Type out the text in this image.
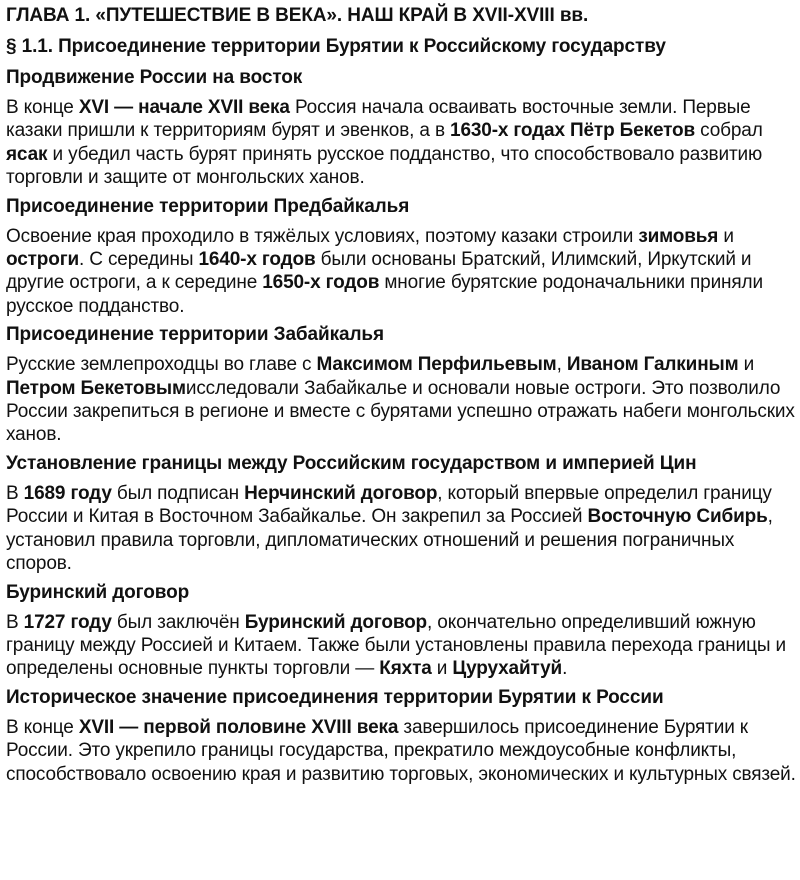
ГЛАВА 1. «ПУТЕШЕСТВИЕ В ВЕКА». НАШ КРАЙ В XVII-XVIII вв.
§ 1.1. Присоединение территории Бурятии к Российскому государству
Продвижение России на восток

В конце XVI — начале XVII века Россия начала осваивать восточные земли. Первые казаки пришли к территориям бурят и эвенков, а в 1630-х годах Пётр Бекетов собрал ясак и убедил часть бурят принять русское подданство, что способствовало развитию торговли и защите от монгольских ханов.

Присоединение территории Предбайкалья

Освоение края проходило в тяжёлых условиях, поэтому казаки строили зимовья и остроги. С середины 1640-х годов были основаны Братский, Илимский, Иркутский и другие остроги, а к середине 1650-х годов многие бурятские родоначальники приняли русское подданство.

Присоединение территории Забайкалья

Русские землепроходцы во главе с Максимом Перфильевым, Иваном Галкиным и Петром Бекетовымисследовали Забайкалье и основали новые остроги. Это позволило России закрепиться в регионе и вместе с бурятами успешно отражать набеги монгольских ханов.

Установление границы между Российским государством и империей Цин

В 1689 году был подписан Нерчинский договор, который впервые определил границу России и Китая в Восточном Забайкалье. Он закрепил за Россией Восточную Сибирь, установил правила торговли, дипломатических отношений и решения пограничных споров.

Буринский договор

В 1727 году был заключён Буринский договор, окончательно определивший южную границу между Россией и Китаем. Также были установлены правила перехода границы и определены основные пункты торговли — Кяхта и Цурухайтуй.

Историческое значение присоединения территории Бурятии к России

В конце XVII — первой половине XVIII века завершилось присоединение Бурятии к России. Это укрепило границы государства, прекратило междоусобные конфликты, способствовало освоению края и развитию торговых, экономических и культурных связей.
